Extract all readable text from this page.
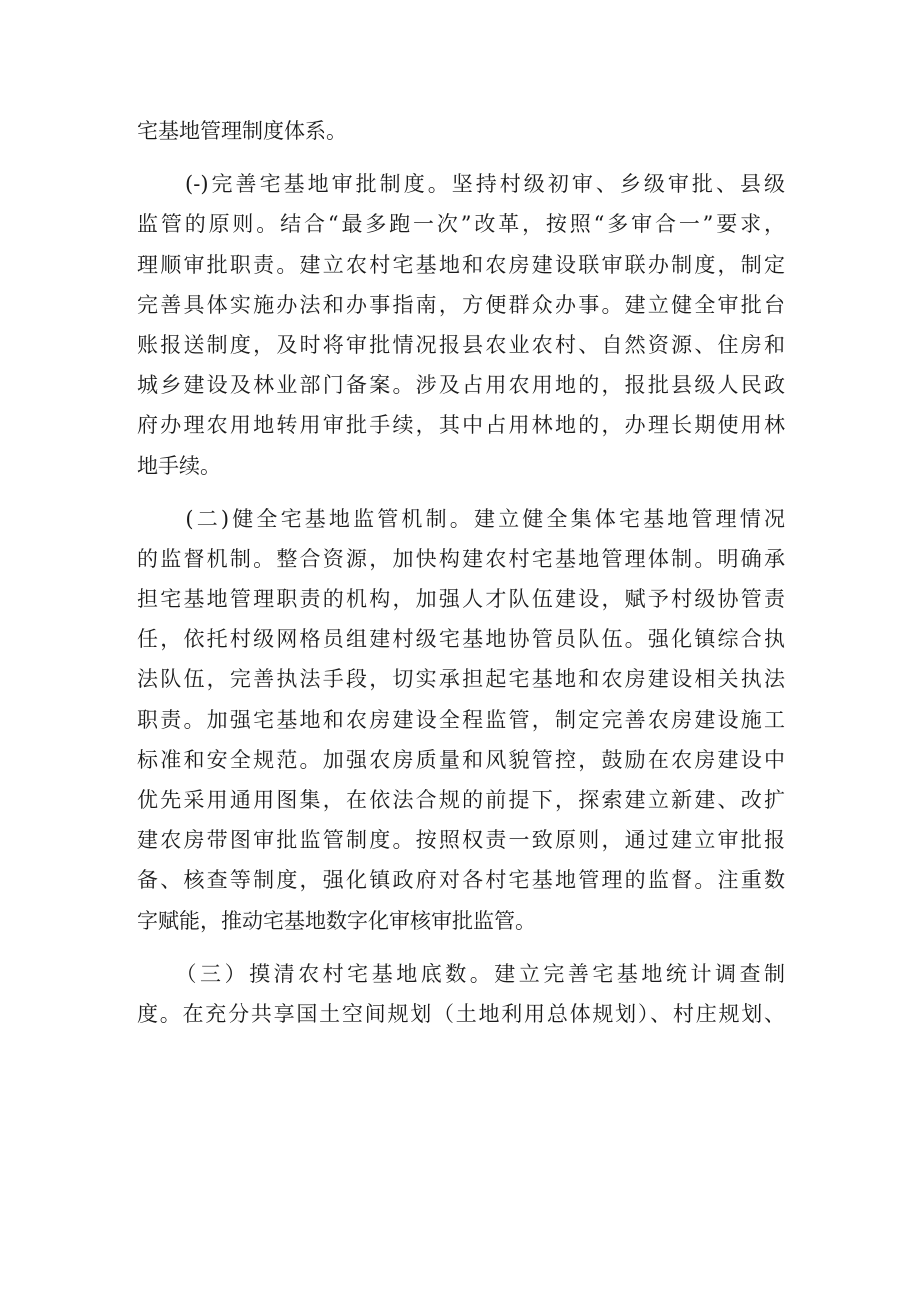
宅基地管理制度体系。
　　(-)完善宅基地审批制度。坚持村级初审、乡级审批、县级
监管的原则。结合“最多跑一次”改革，按照“多审合一”要求，
理顺审批职责。建立农村宅基地和农房建设联审联办制度，制定
完善具体实施办法和办事指南，方便群众办事。建立健全审批台
账报送制度，及时将审批情况报县农业农村、自然资源、住房和
城乡建设及林业部门备案。涉及占用农用地的，报批县级人民政
府办理农用地转用审批手续，其中占用林地的，办理长期使用林
地手续。
　　(二)健全宅基地监管机制。建立健全集体宅基地管理情况
的监督机制。整合资源，加快构建农村宅基地管理体制。明确承
担宅基地管理职责的机构，加强人才队伍建设，赋予村级协管责
任，依托村级网格员组建村级宅基地协管员队伍。强化镇综合执
法队伍，完善执法手段，切实承担起宅基地和农房建设相关执法
职责。加强宅基地和农房建设全程监管，制定完善农房建设施工
标准和安全规范。加强农房质量和风貌管控，鼓励在农房建设中
优先采用通用图集，在依法合规的前提下，探索建立新建、改扩
建农房带图审批监管制度。按照权责一致原则，通过建立审批报
备、核查等制度，强化镇政府对各村宅基地管理的监督。注重数
字赋能，推动宅基地数字化审核审批监管。
　　（三）摸清农村宅基地底数。建立完善宅基地统计调查制
度。在充分共享国土空间规划（土地利用总体规划）、村庄规划、
